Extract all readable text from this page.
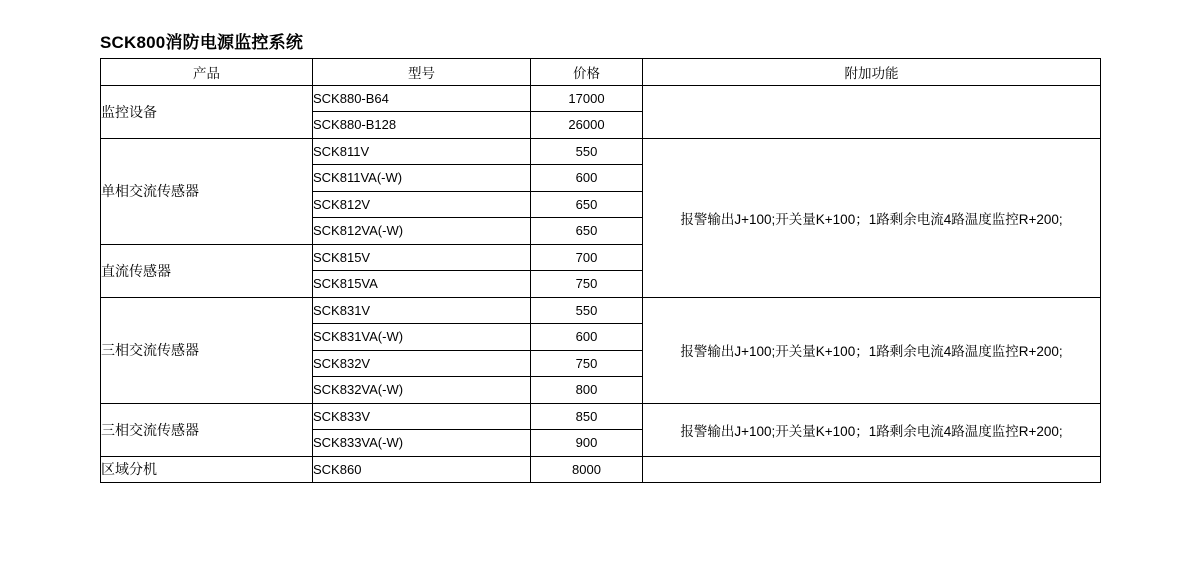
SCK800消防电源监控系统
产品	型号	价格	附加功能
监控设备	SCK880-B64	17000	
	SCK880-B128	26000	
单相交流传感器	SCK811V	550	报警输出J+100;开关量K+100；1路剩余电流4路温度监控R+200;
	SCK811VA(-W)	600	
	SCK812V	650	
	SCK812VA(-W)	650	
直流传感器	SCK815V	700	
	SCK815VA	750	
三相交流传感器	SCK831V	550	报警输出J+100;开关量K+100；1路剩余电流4路温度监控R+200;
	SCK831VA(-W)	600	
	SCK832V	750	
	SCK832VA(-W)	800	
三相交流传感器	SCK833V	850	报警输出J+100;开关量K+100；1路剩余电流4路温度监控R+200;
	SCK833VA(-W)	900	
区域分机	SCK860	8000	
